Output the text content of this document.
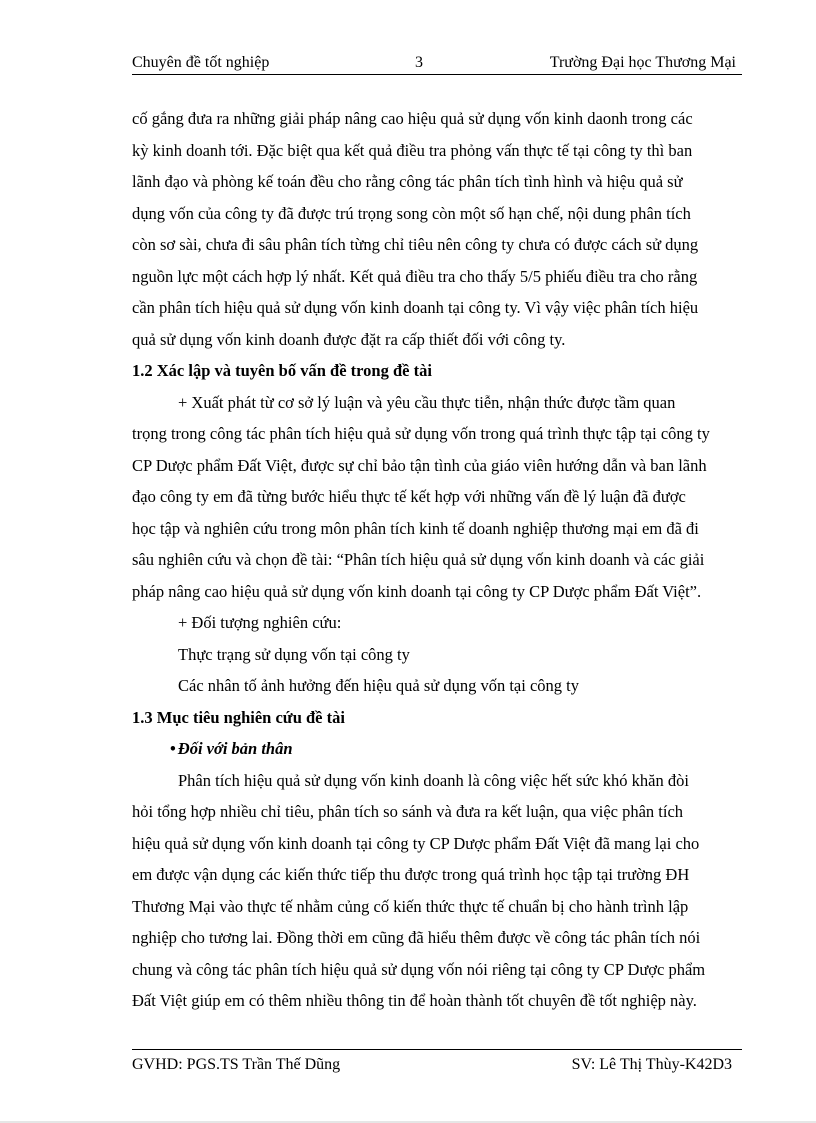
Chuyên đề tốt nghiệp	3	Trường Đại học Thương Mại
cố gắng đưa ra những giải pháp nâng cao hiệu quả sử dụng vốn kinh daonh trong các
kỳ kinh doanh tới. Đặc biệt qua kết quả điều tra phỏng vấn thực tế tại công ty thì ban
lãnh đạo và phòng kế toán đều cho rằng công tác phân tích tình hình và hiệu quả sử
dụng vốn của công ty đã được trú trọng song còn một số hạn chế, nội dung phân tích
còn sơ sài, chưa đi sâu phân tích từng chỉ tiêu nên công ty chưa có được cách sử dụng
nguồn lực một cách hợp lý nhất. Kết quả điều tra cho thấy 5/5 phiếu điều tra cho rằng
cần phân tích hiệu quả sử dụng vốn kinh doanh tại công ty. Vì vậy việc phân tích hiệu
quả sử dụng vốn kinh doanh được đặt ra cấp thiết đối với công ty.
1.2 Xác lập và tuyên bố vấn đề trong đề tài
+ Xuất phát từ cơ sở lý luận và yêu cầu thực tiễn, nhận thức được tầm quan
trọng trong công tác phân tích hiệu quả sử dụng vốn trong quá trình thực tập tại công ty
CP Dược phẩm Đất Việt, được sự chỉ bảo tận tình của giáo viên hướng dẫn và ban lãnh
đạo công ty em đã từng bước hiểu thực tế kết hợp với những vấn đề lý luận đã được
học tập và nghiên cứu trong môn phân tích kinh tế doanh nghiệp thương mại em đã đi
sâu nghiên cứu và chọn đề tài: “Phân tích hiệu quả sử dụng vốn kinh doanh và các giải
pháp nâng cao hiệu quả sử dụng vốn kinh doanh tại công ty CP Dược phẩm Đất Việt”.
+ Đối tượng nghiên cứu:
Thực trạng sử dụng vốn tại công ty
Các nhân tố ảnh hưởng đến hiệu quả sử dụng vốn tại công ty
1.3 Mục tiêu nghiên cứu đề tài
• Đối với bản thân
Phân tích hiệu quả sử dụng vốn kinh doanh là công việc hết sức khó khăn đòi
hỏi tổng hợp nhiều chỉ tiêu, phân tích so sánh và đưa ra kết luận, qua việc phân tích
hiệu quả sử dụng vốn kinh doanh tại công ty CP Dược phẩm Đất Việt đã mang lại cho
em được vận dụng các kiến thức tiếp thu được trong quá trình học tập tại trường ĐH
Thương Mại vào thực tế nhằm củng cố kiến thức thực tế chuẩn bị cho hành trình lập
nghiệp cho tương lai. Đồng thời em cũng đã hiểu thêm được về công tác phân tích nói
chung và công tác phân tích hiệu quả sử dụng vốn nói riêng tại công ty CP Dược phẩm
Đất Việt giúp em có thêm nhiều thông tin để hoàn thành tốt chuyên đề tốt nghiệp này.
GVHD: PGS.TS Trần Thế Dũng	SV: Lê Thị Thùy-K42D3
